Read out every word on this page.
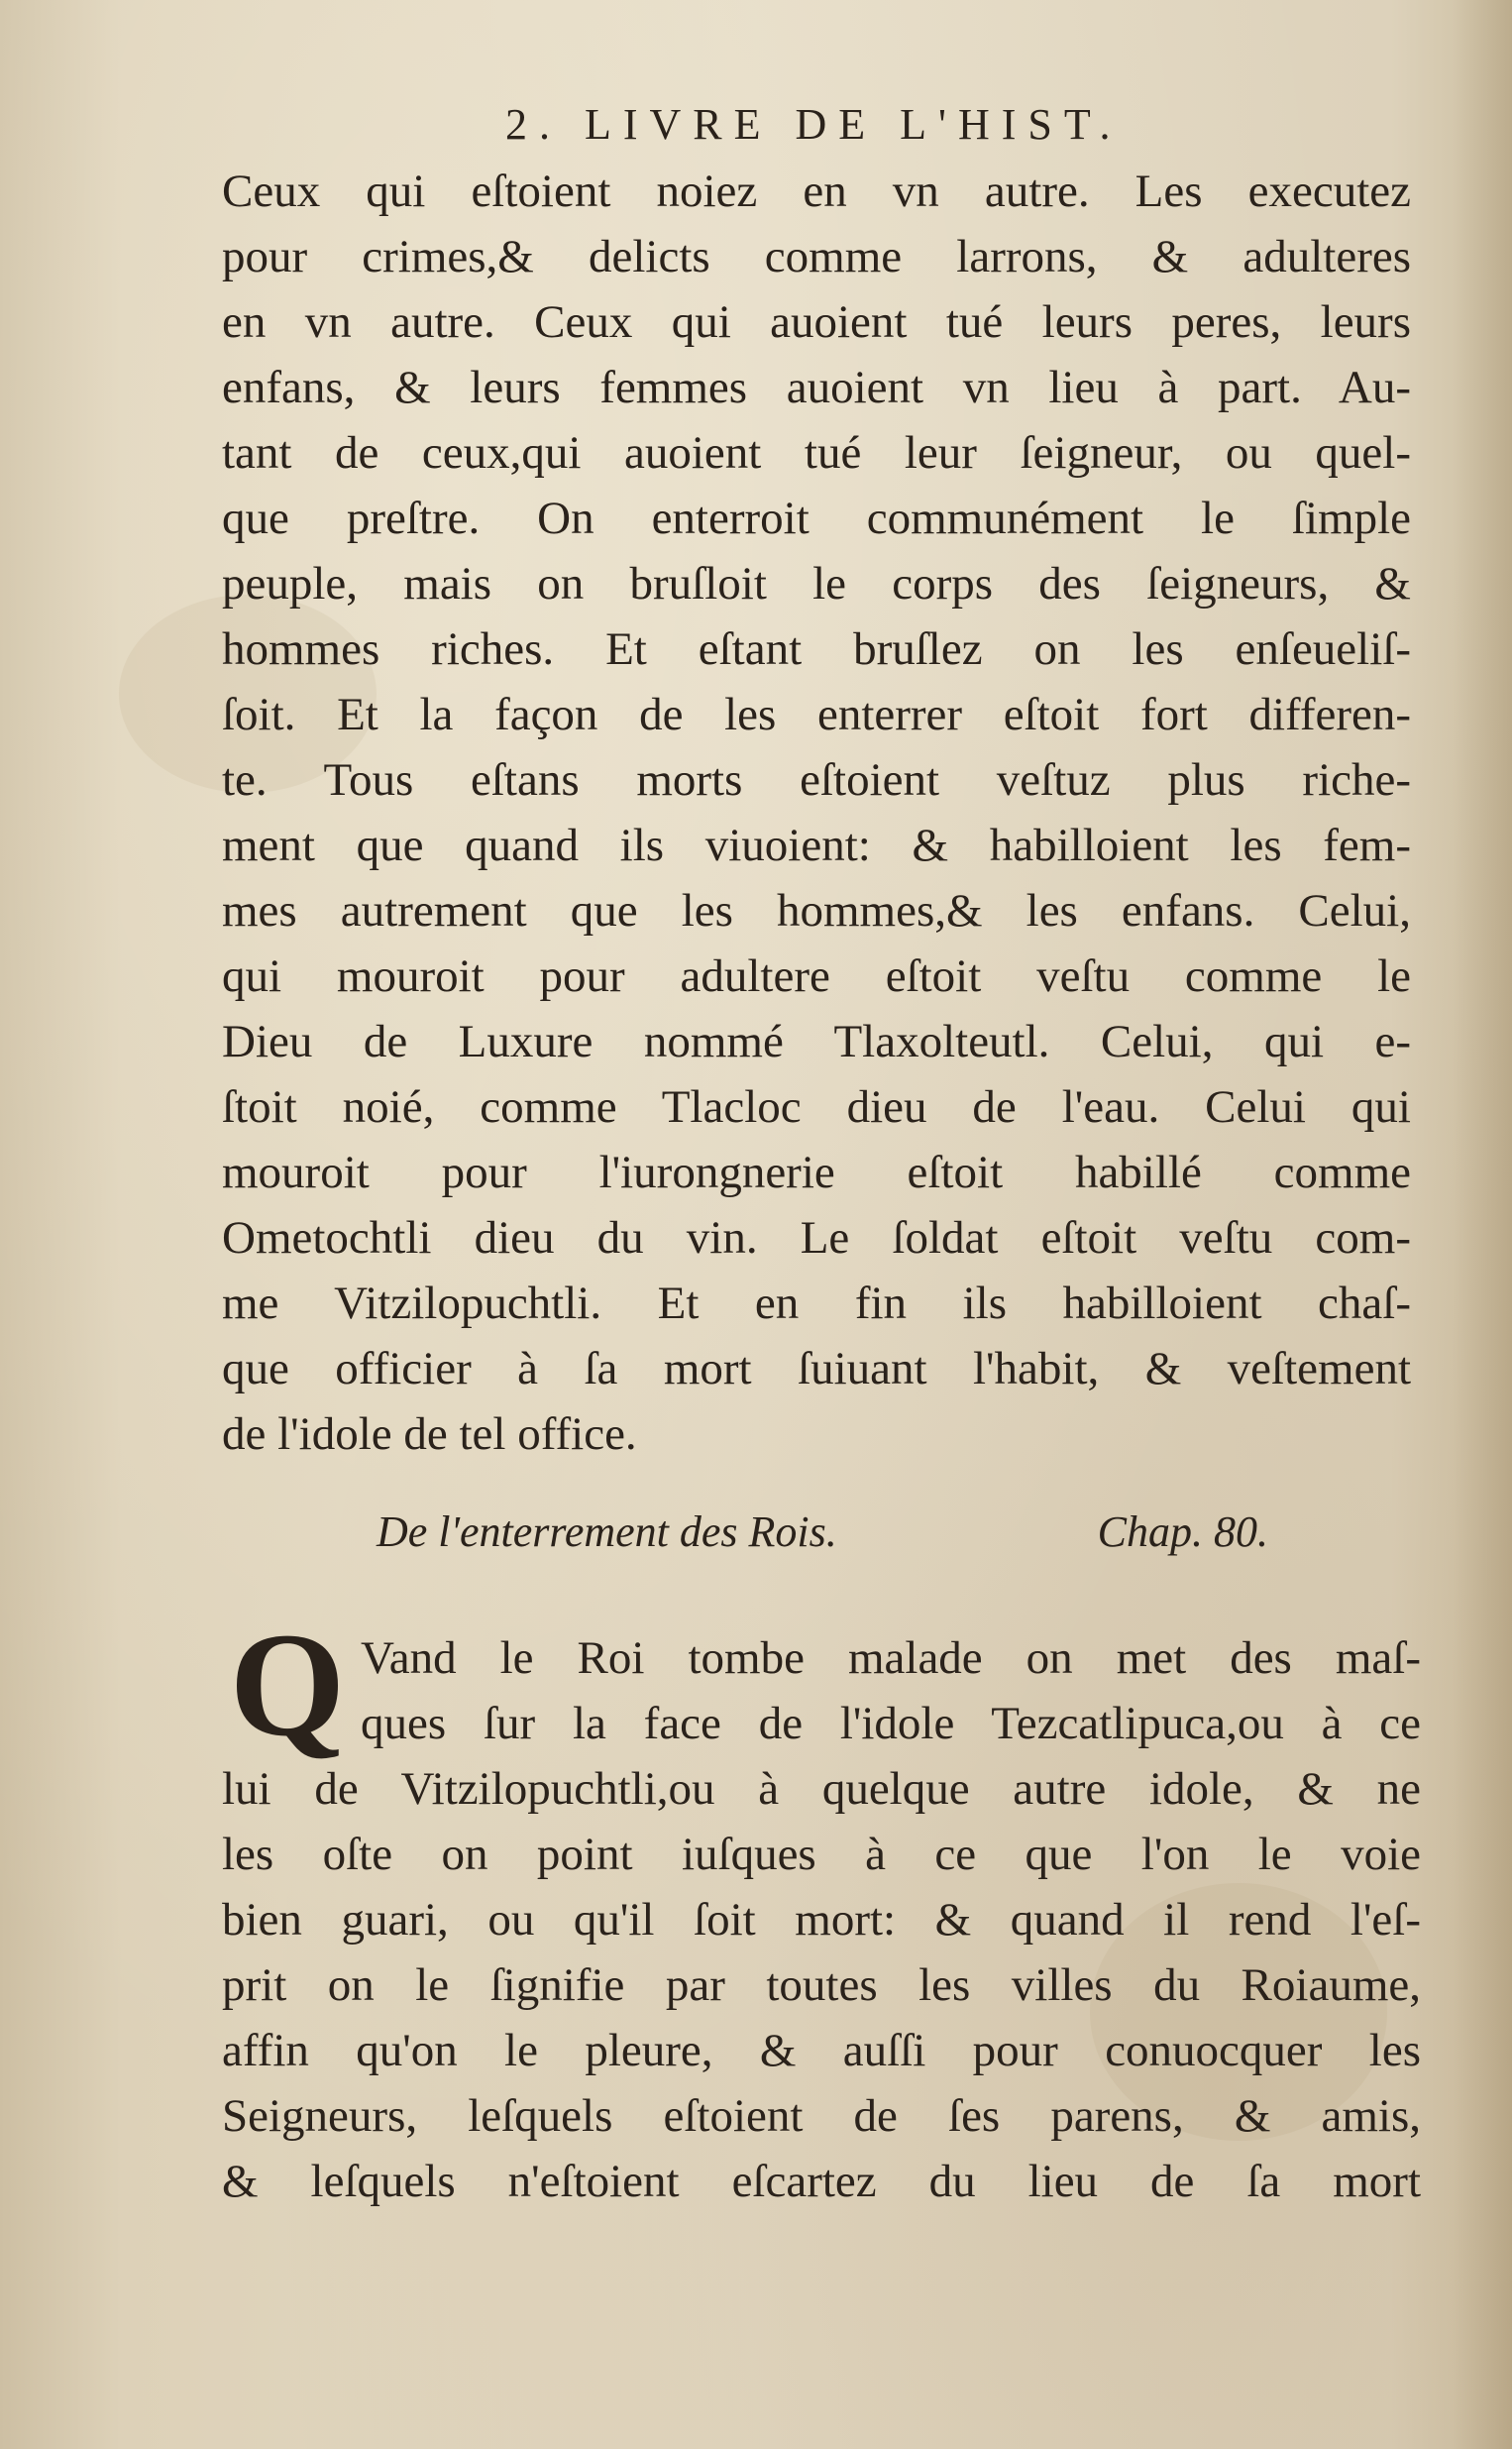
2. LIVRE DE L'HIST.
Ceux qui eſtoient noiez en vn autre. Les executez
pour crimes,& delicts comme larrons, & adulteres
en vn autre. Ceux qui auoient tué leurs peres, leurs
enfans, & leurs femmes auoient vn lieu à part. Au-
tant de ceux,qui auoient tué leur ſeigneur, ou quel-
que preſtre. On enterroit communément le ſimple
peuple, mais on bruſloit le corps des ſeigneurs, &
hommes riches. Et eſtant bruſlez on les enſeueliſ-
ſoit. Et la façon de les enterrer eſtoit fort differen-
te. Tous eſtans morts eſtoient veſtuz plus riche-
ment que quand ils viuoient: & habilloient les fem-
mes autrement que les hommes,& les enfans. Celui,
qui mouroit pour adultere eſtoit veſtu comme le
Dieu de Luxure nommé Tlaxolteutl. Celui, qui e-
ſtoit noié, comme Tlacloc dieu de l'eau. Celui qui
mouroit pour l'iurongnerie eſtoit habillé comme
Ometochtli dieu du vin. Le ſoldat eſtoit veſtu com-
me Vitzilopuchtli. Et en fin ils habilloient chaſ-
que officier à ſa mort ſuiuant l'habit, & veſtement
de l'idole de tel office.
De l'enterrement des Rois.	Chap. 80.
Q Vand le Roi tombe malade on met des maſ-
ques ſur la face de l'idole Tezcatlipuca,ou à ce
lui de Vitzilopuchtli,ou à quelque autre idole, & ne
les oſte on point iuſques à ce que l'on le voie
bien guari, ou qu'il ſoit mort: & quand il rend l'eſ-
prit on le ſignifie par toutes les villes du Roiaume,
affin qu'on le pleure, & auſſi pour conuocquer les
Seigneurs, leſquels eſtoient de ſes parens, & amis,
& leſquels n'eſtoient eſcartez du lieu de ſa mort
